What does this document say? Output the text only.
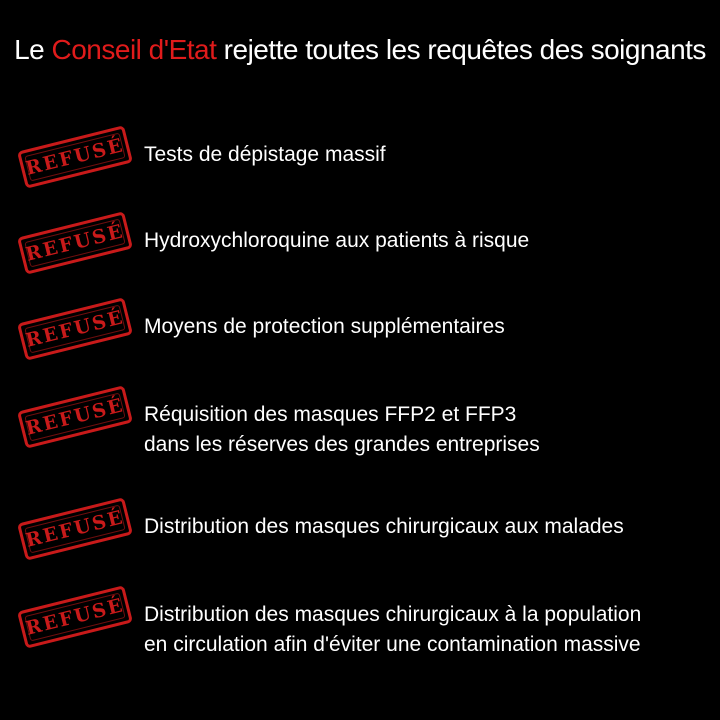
Le Conseil d'Etat rejette toutes les requêtes des soignants
REFUSÉ Tests de dépistage massif
REFUSÉ Hydroxychloroquine aux patients à risque
REFUSÉ Moyens de protection supplémentaires
REFUSÉ Réquisition des masques FFP2 et FFP3
dans les réserves des grandes entreprises
REFUSÉ Distribution des masques chirurgicaux aux malades
REFUSÉ Distribution des masques chirurgicaux à la population
en circulation afin d'éviter une contamination massive
